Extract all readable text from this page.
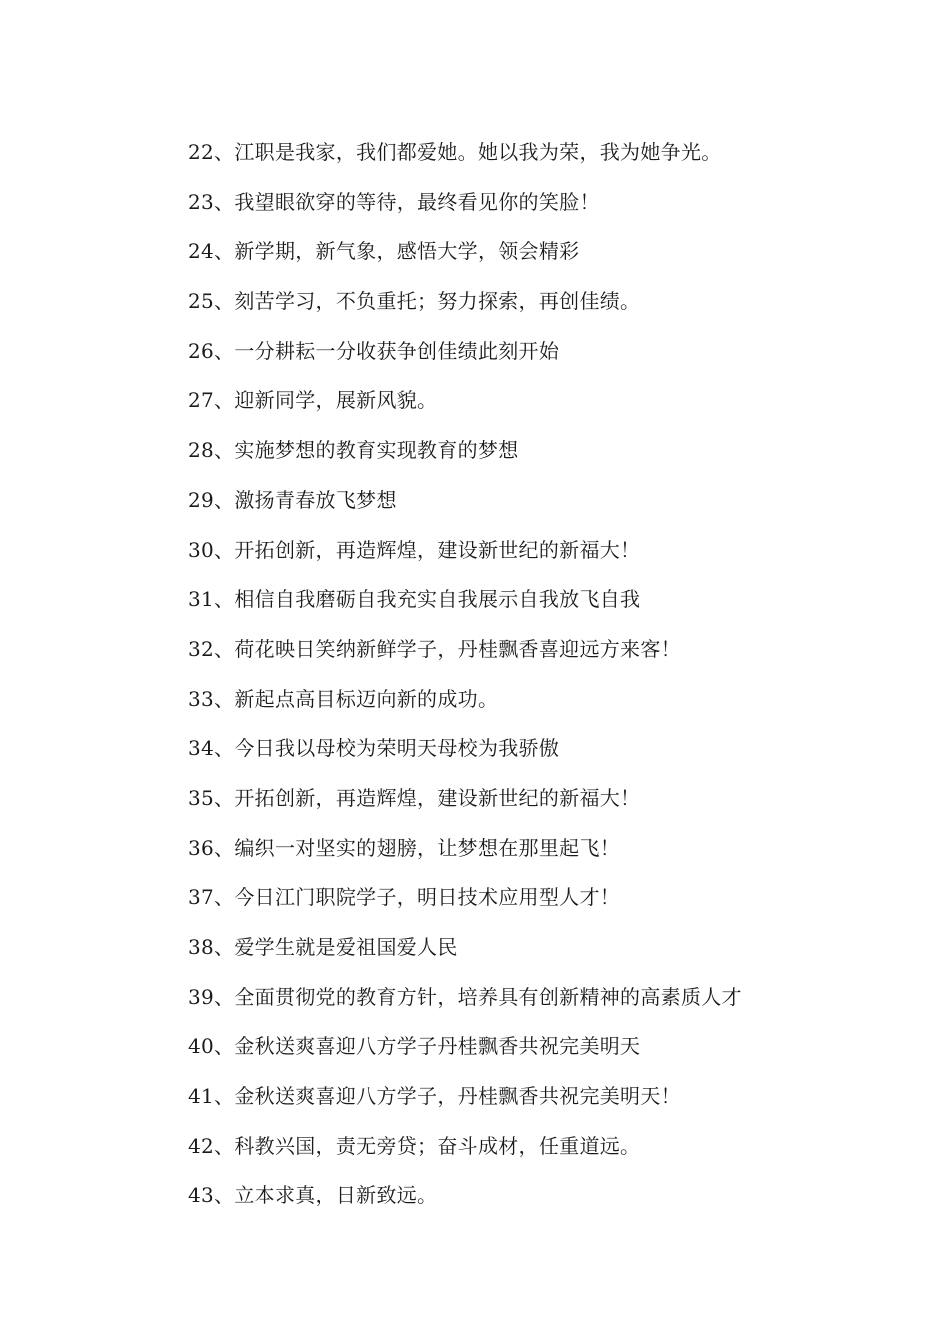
22、江职是我家，我们都爱她。她以我为荣，我为她争光。
23、我望眼欲穿的等待，最终看见你的笑脸！
24、新学期，新气象，感悟大学，领会精彩
25、刻苦学习，不负重托；努力探索，再创佳绩。
26、一分耕耘一分收获争创佳绩此刻开始
27、迎新同学，展新风貌。
28、实施梦想的教育实现教育的梦想
29、激扬青春放飞梦想
30、开拓创新，再造辉煌，建设新世纪的新福大！
31、相信自我磨砺自我充实自我展示自我放飞自我
32、荷花映日笑纳新鲜学子，丹桂飘香喜迎远方来客！
33、新起点高目标迈向新的成功。
34、今日我以母校为荣明天母校为我骄傲
35、开拓创新，再造辉煌，建设新世纪的新福大！
36、编织一对坚实的翅膀，让梦想在那里起飞！
37、今日江门职院学子，明日技术应用型人才！
38、爱学生就是爱祖国爱人民
39、全面贯彻党的教育方针，培养具有创新精神的高素质人才
40、金秋送爽喜迎八方学子丹桂飘香共祝完美明天
41、金秋送爽喜迎八方学子，丹桂飘香共祝完美明天！
42、科教兴国，责无旁贷；奋斗成材，任重道远。
43、立本求真，日新致远。
